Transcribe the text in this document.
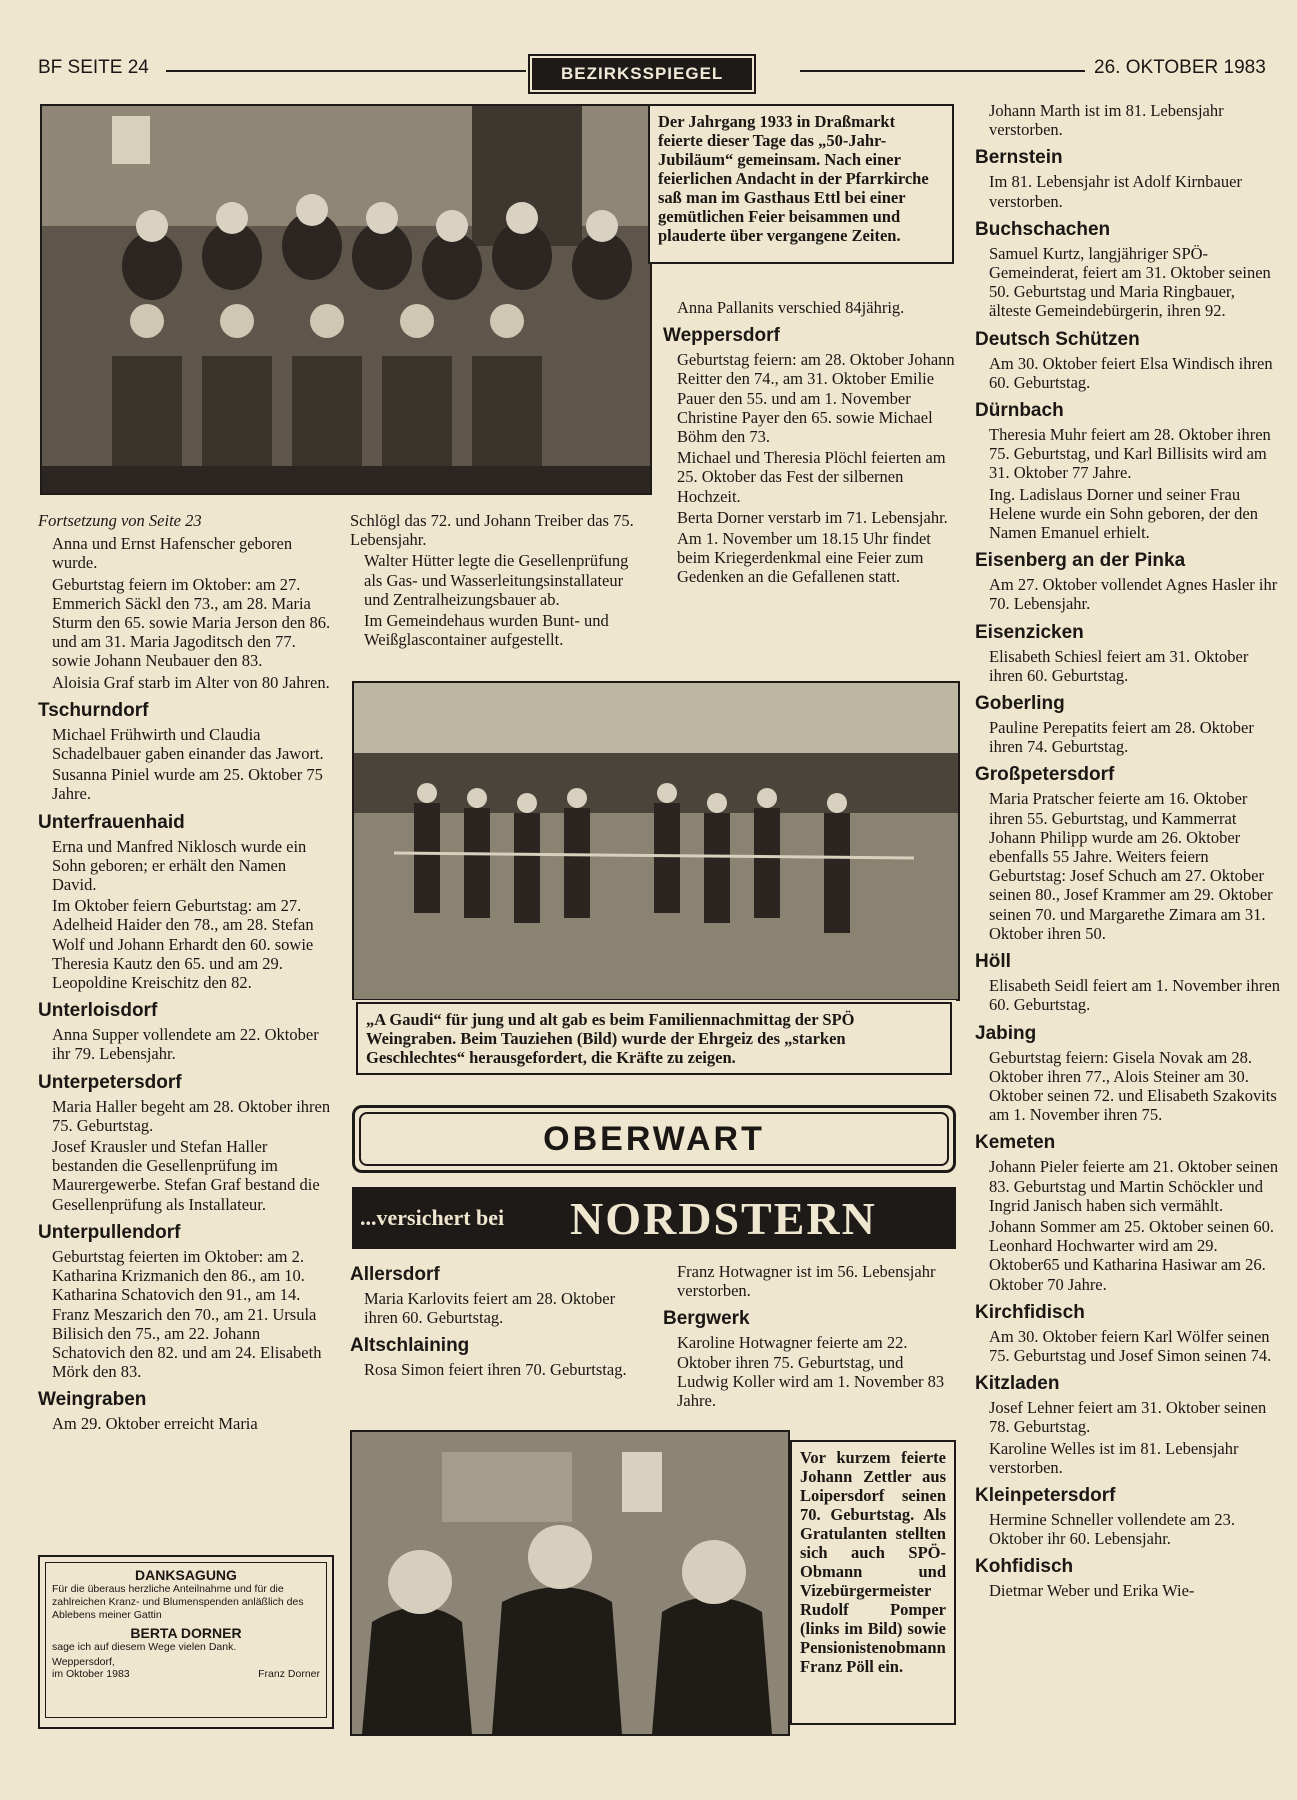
BF SEITE 24	BEZIRKSSPIEGEL	26. OKTOBER 1983
Der Jahrgang 1933 in Draßmarkt feierte dieser Tage das „50-Jahr-Jubiläum“ gemeinsam. Nach einer feierlichen Andacht in der Pfarrkirche saß man im Gasthaus Ettl bei einer gemütlichen Feier beisammen und plauderte über vergangene Zeiten.

Fortsetzung von Seite 23

Anna und Ernst Hafenscher geboren wurde.

Geburtstag feiern im Oktober: am 27. Emmerich Säckl den 73., am 28. Maria Sturm den 65. sowie Maria Jerson den 86. und am 31. Maria Jagoditsch den 77. sowie Johann Neubauer den 83.

Aloisia Graf starb im Alter von 80 Jahren.

Tschurndorf

Michael Frühwirth und Claudia Schadelbauer gaben einander das Jawort.

Susanna Piniel wurde am 25. Oktober 75 Jahre.

Unterfrauenhaid

Erna und Manfred Niklosch wurde ein Sohn geboren; er erhält den Namen David.

Im Oktober feiern Geburtstag: am 27. Adelheid Haider den 78., am 28. Stefan Wolf und Johann Erhardt den 60. sowie Theresia Kautz den 65. und am 29. Leopoldine Kreischitz den 82.

Unterloisdorf

Anna Supper vollendete am 22. Oktober ihr 79. Lebensjahr.

Unterpetersdorf

Maria Haller begeht am 28. Oktober ihren 75. Geburtstag.

Josef Krausler und Stefan Haller bestanden die Gesellenprüfung im Maurergewerbe. Stefan Graf bestand die Gesellenprüfung als Installateur.

Unterpullendorf

Geburtstag feierten im Oktober: am 2. Katharina Krizmanich den 86., am 10. Katharina Schatovich den 91., am 14. Franz Meszarich den 70., am 21. Ursula Bilisich den 75., am 22. Johann Schatovich den 82. und am 24. Elisabeth Mörk den 83.

Weingraben

Am 29. Oktober erreicht Maria

DANKSAGUNG
Für die überaus herzliche Anteilnahme und für die zahlreichen Kranz- und Blumenspenden anläßlich des Ablebens meiner Gattin
BERTA DORNER
sage ich auf diesem Wege vielen Dank.
Weppersdorf,
im Oktober 1983	Franz Dorner

Schlögl das 72. und Johann Treiber das 75. Lebensjahr.

Walter Hütter legte die Gesellenprüfung als Gas- und Wasserleitungsinstallateur und Zentralheizungsbauer ab.

Im Gemeindehaus wurden Bunt- und Weißglascontainer aufgestellt.

Anna Pallanits verschied 84jährig.

Weppersdorf

Geburtstag feiern: am 28. Oktober Johann Reitter den 74., am 31. Oktober Emilie Pauer den 55. und am 1. November Christine Payer den 65. sowie Michael Böhm den 73.

Michael und Theresia Plöchl feierten am 25. Oktober das Fest der silbernen Hochzeit.

Berta Dorner verstarb im 71. Lebensjahr.

Am 1. November um 18.15 Uhr findet beim Kriegerdenkmal eine Feier zum Gedenken an die Gefallenen statt.

„A Gaudi“ für jung und alt gab es beim Familiennachmittag der SPÖ Weingraben. Beim Tauziehen (Bild) wurde der Ehrgeiz des „starken Geschlechtes“ herausgefordert, die Kräfte zu zeigen.
OBERWART
...versichert bei	NORDSTERN
Allersdorf

Maria Karlovits feiert am 28. Oktober ihren 60. Geburtstag.

Altschlaining

Rosa Simon feiert ihren 70. Geburtstag.

Franz Hotwagner ist im 56. Lebensjahr verstorben.

Bergwerk

Karoline Hotwagner feierte am 22. Oktober ihren 75. Geburtstag, und Ludwig Koller wird am 1. November 83 Jahre.

Vor kurzem feierte Johann Zettler aus Loipersdorf seinen 70. Geburtstag. Als Gratulanten stellten sich auch SPÖ-Obmann und Vizebürgermeister Rudolf Pomper (links im Bild) sowie Pensionistenobmann Franz Pöll ein.

Johann Marth ist im 81. Lebensjahr verstorben.

Bernstein

Im 81. Lebensjahr ist Adolf Kirnbauer verstorben.

Buchschachen

Samuel Kurtz, langjähriger SPÖ-Gemeinderat, feiert am 31. Oktober seinen 50. Geburtstag und Maria Ringbauer, älteste Gemeindebürgerin, ihren 92.

Deutsch Schützen

Am 30. Oktober feiert Elsa Windisch ihren 60. Geburtstag.

Dürnbach

Theresia Muhr feiert am 28. Oktober ihren 75. Geburtstag, und Karl Billisits wird am 31. Oktober 77 Jahre.

Ing. Ladislaus Dorner und seiner Frau Helene wurde ein Sohn geboren, der den Namen Emanuel erhielt.

Eisenberg an der Pinka

Am 27. Oktober vollendet Agnes Hasler ihr 70. Lebensjahr.

Eisenzicken

Elisabeth Schiesl feiert am 31. Oktober ihren 60. Geburtstag.

Goberling

Pauline Perepatits feiert am 28. Oktober ihren 74. Geburtstag.

Großpetersdorf

Maria Pratscher feierte am 16. Oktober ihren 55. Geburtstag, und Kammerrat Johann Philipp wurde am 26. Oktober ebenfalls 55 Jahre. Weiters feiern Geburtstag: Josef Schuch am 27. Oktober seinen 80., Josef Krammer am 29. Oktober seinen 70. und Margarethe Zimara am 31. Oktober ihren 50.

Höll

Elisabeth Seidl feiert am 1. November ihren 60. Geburtstag.

Jabing

Geburtstag feiern: Gisela Novak am 28. Oktober ihren 77., Alois Steiner am 30. Oktober seinen 72. und Elisabeth Szakovits am 1. November ihren 75.

Kemeten

Johann Pieler feierte am 21. Oktober seinen 83. Geburtstag und Martin Schöckler und Ingrid Janisch haben sich vermählt.

Johann Sommer am 25. Oktober seinen 60. Leonhard Hochwarter wird am 29. Oktober65 und Katharina Hasiwar am 26. Oktober 70 Jahre.

Kirchfidisch

Am 30. Oktober feiern Karl Wölfer seinen 75. Geburtstag und Josef Simon seinen 74.

Kitzladen

Josef Lehner feiert am 31. Oktober seinen 78. Geburtstag.

Karoline Welles ist im 81. Lebensjahr verstorben.

Kleinpetersdorf

Hermine Schneller vollendete am 23. Oktober ihr 60. Lebensjahr.

Kohfidisch

Dietmar Weber und Erika Wie-
